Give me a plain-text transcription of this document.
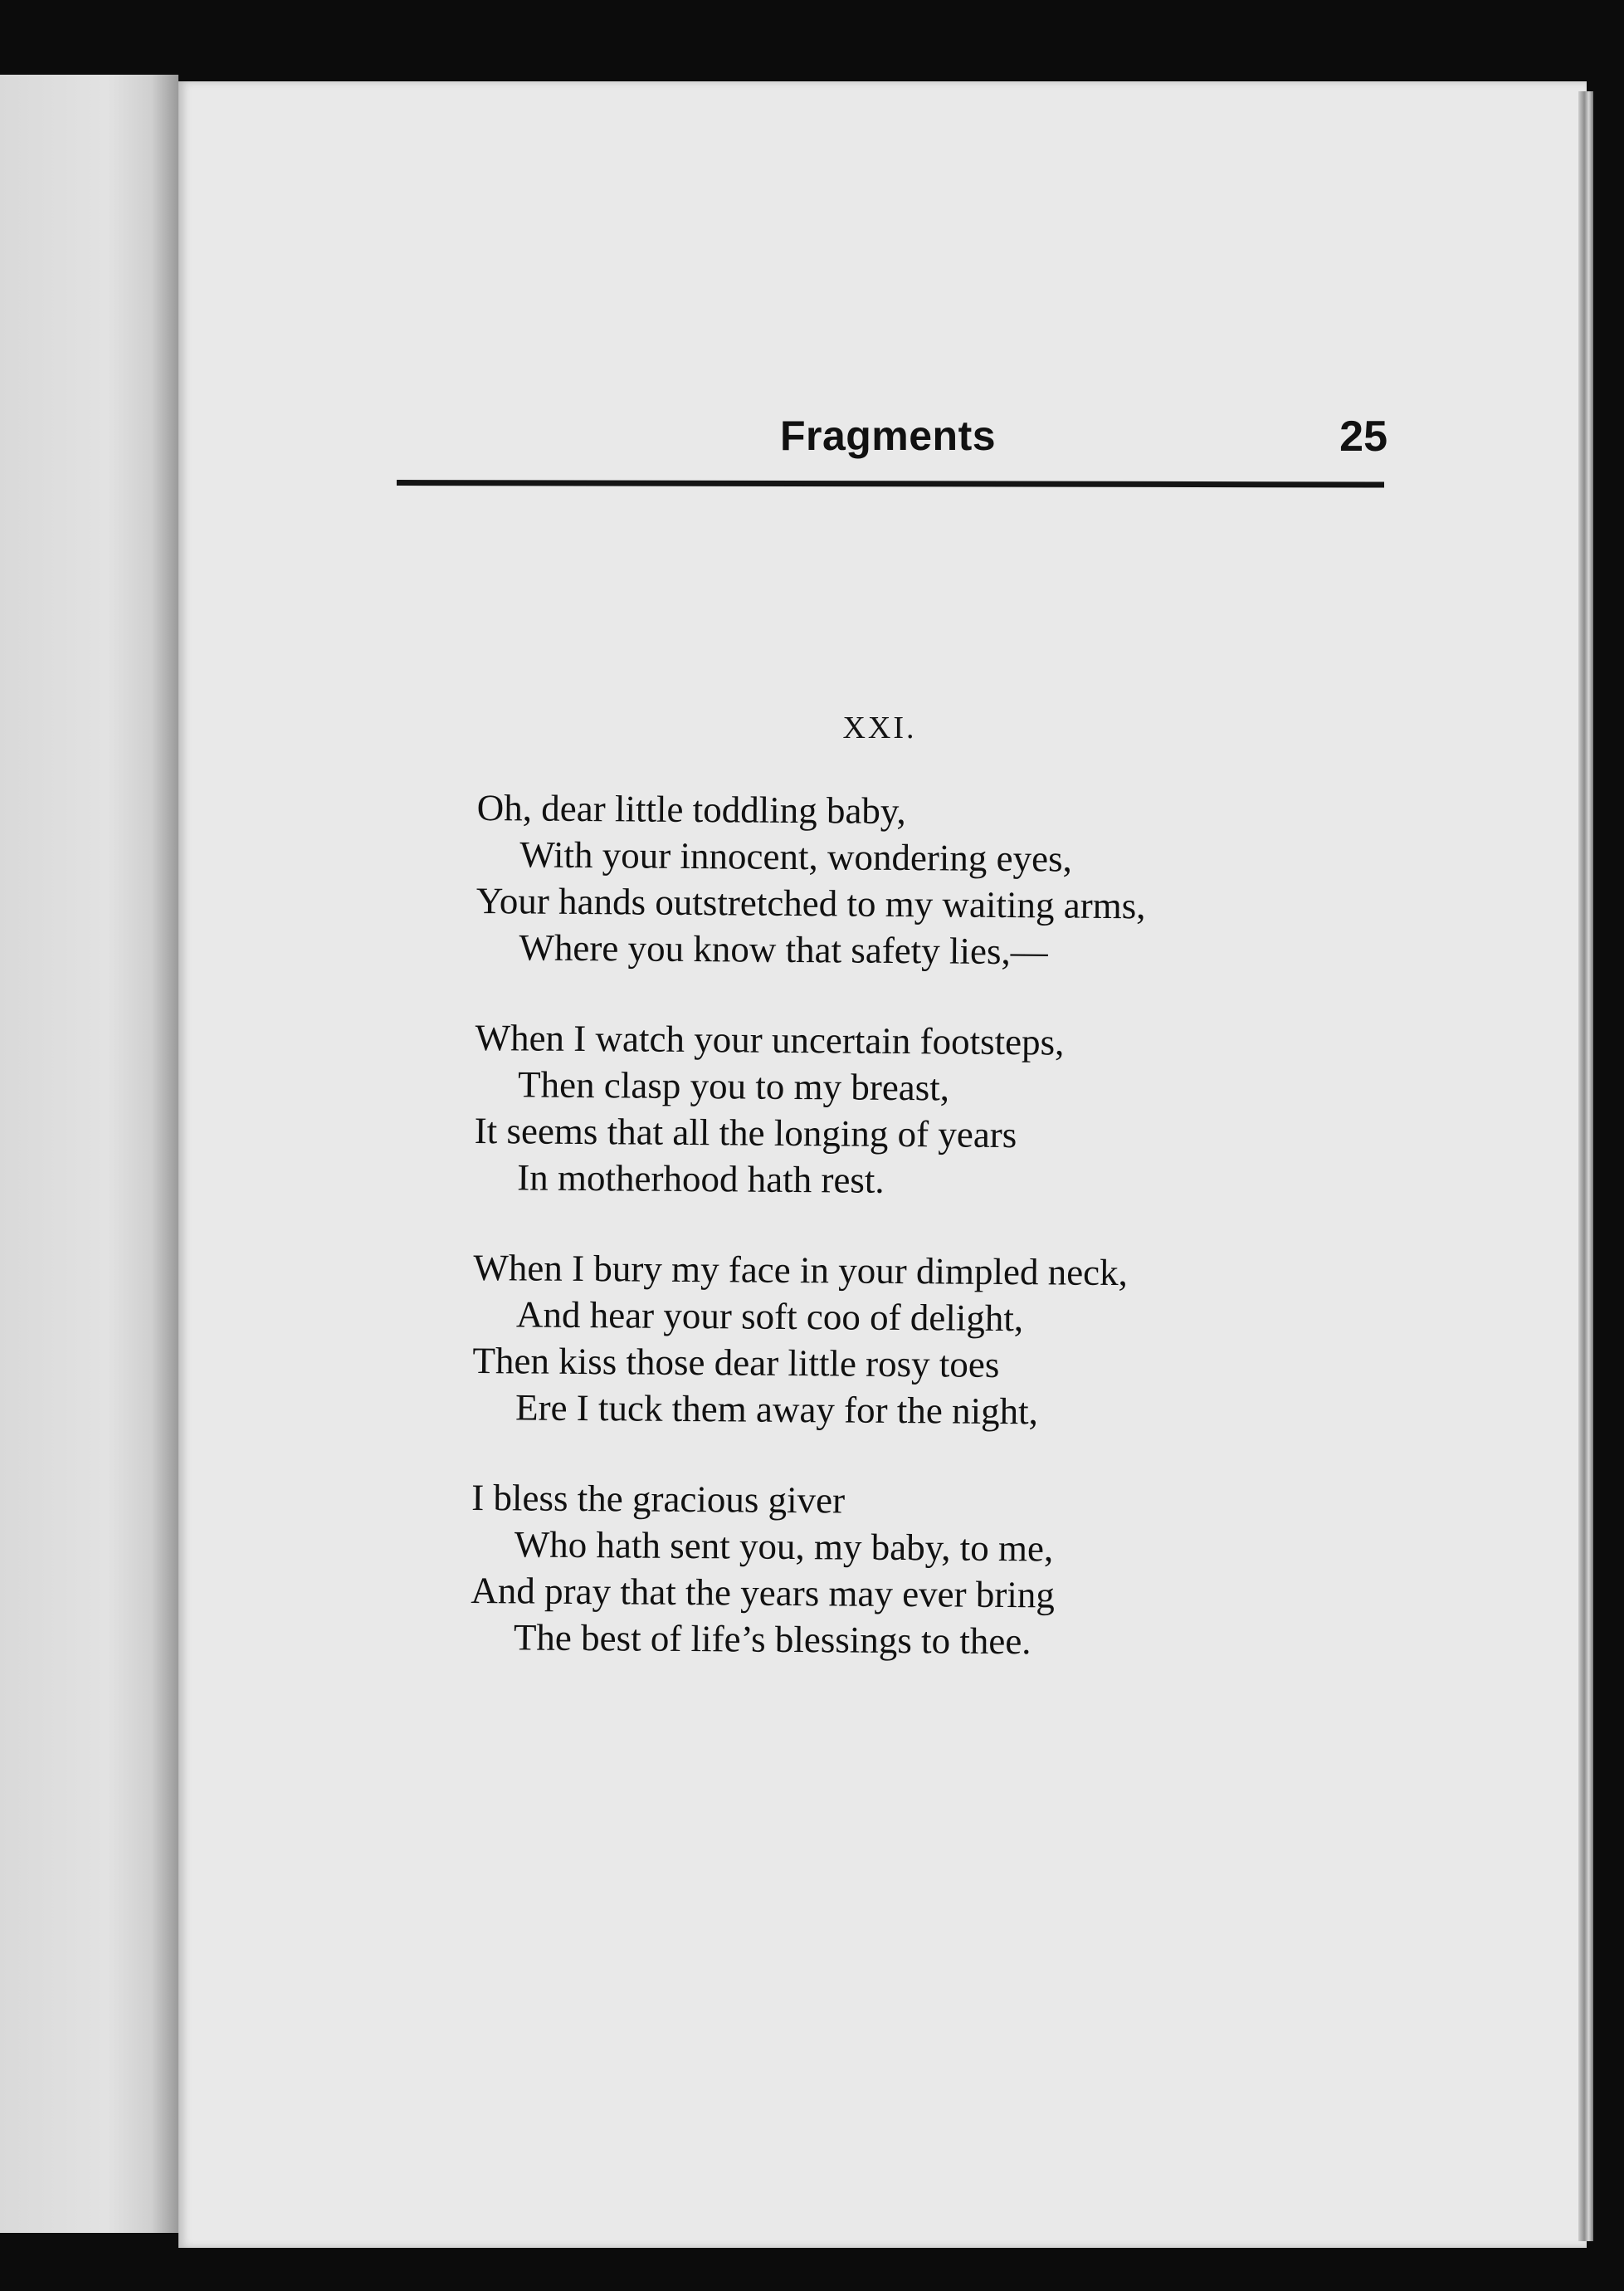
Fragments	25
XXI.
Oh, dear little toddling baby,
With your innocent, wondering eyes,
Your hands outstretched to my waiting arms,
Where you know that safety lies,—
When I watch your uncertain footsteps,
Then clasp you to my breast,
It seems that all the longing of years
In motherhood hath rest.
When I bury my face in your dimpled neck,
And hear your soft coo of delight,
Then kiss those dear little rosy toes
Ere I tuck them away for the night,
I bless the gracious giver
Who hath sent you, my baby, to me,
And pray that the years may ever bring
The best of life’s blessings to thee.
